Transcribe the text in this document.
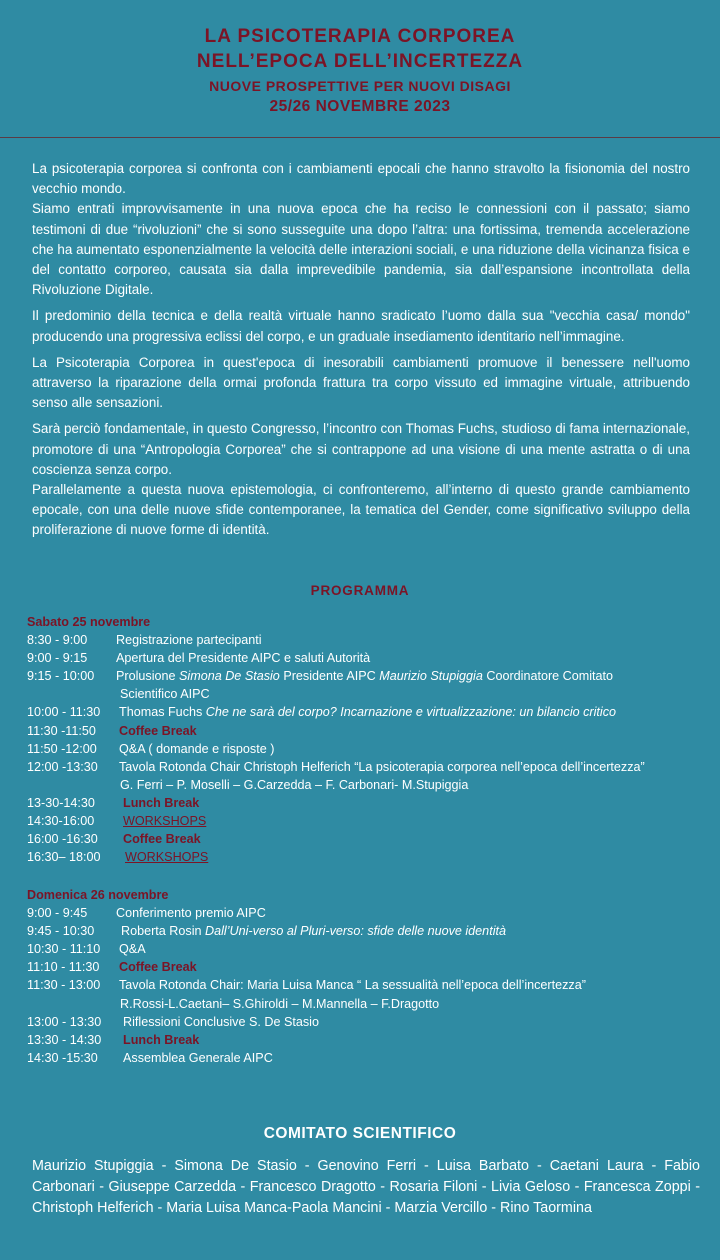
LA PSICOTERAPIA CORPOREA
NELL’EPOCA DELL’INCERTEZZA
NUOVE PROSPETTIVE PER NUOVI DISAGI
25/26 NOVEMBRE 2023

La psicoterapia corporea si confronta con i cambiamenti epocali che hanno stravolto la fisionomia del nostro vecchio mondo.

Siamo entrati improvvisamente in una nuova epoca che ha reciso le connessioni con il passato; siamo testimoni di due “rivoluzioni” che si sono susseguite una dopo l’altra: una fortissima, tremenda accelerazione che ha aumentato esponenzialmente la velocità delle interazioni sociali, e una riduzione della vicinanza fisica e del contatto corporeo, causata sia dalla imprevedibile pandemia, sia dall’espansione incontrollata della Rivoluzione Digitale.

Il predominio della tecnica e della realtà virtuale hanno sradicato l’uomo dalla sua "vecchia casa/ mondo" producendo una progressiva eclissi del corpo, e un graduale insediamento identitario nell’immagine.

La Psicoterapia Corporea in quest'epoca di inesorabili cambiamenti promuove il benessere nell'uomo attraverso la riparazione della ormai profonda frattura tra corpo vissuto ed immagine virtuale, attribuendo senso alle sensazioni.

Sarà perciò fondamentale, in questo Congresso, l’incontro con Thomas Fuchs, studioso di fama internazionale, promotore di una “Antropologia Corporea” che si contrappone ad una visione di una mente astratta o di una coscienza senza corpo.

Parallelamente a questa nuova epistemologia, ci confronteremo, all’interno di questo grande cambiamento epocale, con una delle nuove sfide contemporanee, la tematica del Gender, come significativo sviluppo della proliferazione di nuove forme di identità.

PROGRAMMA
Sabato 25 novembre
8:30 - 9:00	Registrazione partecipanti
9:00 - 9:15	Apertura del Presidente AIPC e saluti Autorità
9:15 - 10:00	Prolusione Simona De Stasio Presidente AIPC Maurizio Stupiggia Coordinatore Comitato
Scientifico AIPC
10:00 - 11:30	Thomas Fuchs Che ne sarà del corpo? Incarnazione e virtualizzazione: un bilancio critico
11:30 -11:50	Coffee Break
11:50 -12:00	Q&A ( domande e risposte )
12:00 -13:30	Tavola Rotonda Chair Christoph Helferich “La psicoterapia corporea nell’epoca dell’incertezza”
G. Ferri – P. Moselli – G.Carzedda – F. Carbonari- M.Stupiggia
13-30-14:30	Lunch Break
14:30-16:00	WORKSHOPS
16:00 -16:30	Coffee Break
16:30– 18:00	WORKSHOPS
Domenica 26 novembre
9:00 - 9:45	Conferimento premio AIPC
9:45 - 10:30	Roberta Rosin Dall’Uni-verso al Pluri-verso: sfide delle nuove identità
10:30 - 11:10	Q&A
11:10 - 11:30	Coffee Break
11:30 - 13:00	Tavola Rotonda Chair: Maria Luisa Manca “ La sessualità nell’epoca dell’incertezza”
R.Rossi-L.Caetani– S.Ghiroldi – M.Mannella – F.Dragotto
13:00 - 13:30	Riflessioni Conclusive S. De Stasio
13:30 - 14:30	Lunch Break
14:30 -15:30	Assemblea Generale AIPC
COMITATO SCIENTIFICO
Maurizio Stupiggia - Simona De Stasio - Genovino Ferri - Luisa Barbato - Caetani Laura - Fabio Carbonari - Giuseppe Carzedda - Francesco Dragotto - Rosaria Filoni - Livia Geloso - Francesca Zoppi - Christoph Helferich - Maria Luisa Manca-Paola Mancini - Marzia Vercillo - Rino Taormina
